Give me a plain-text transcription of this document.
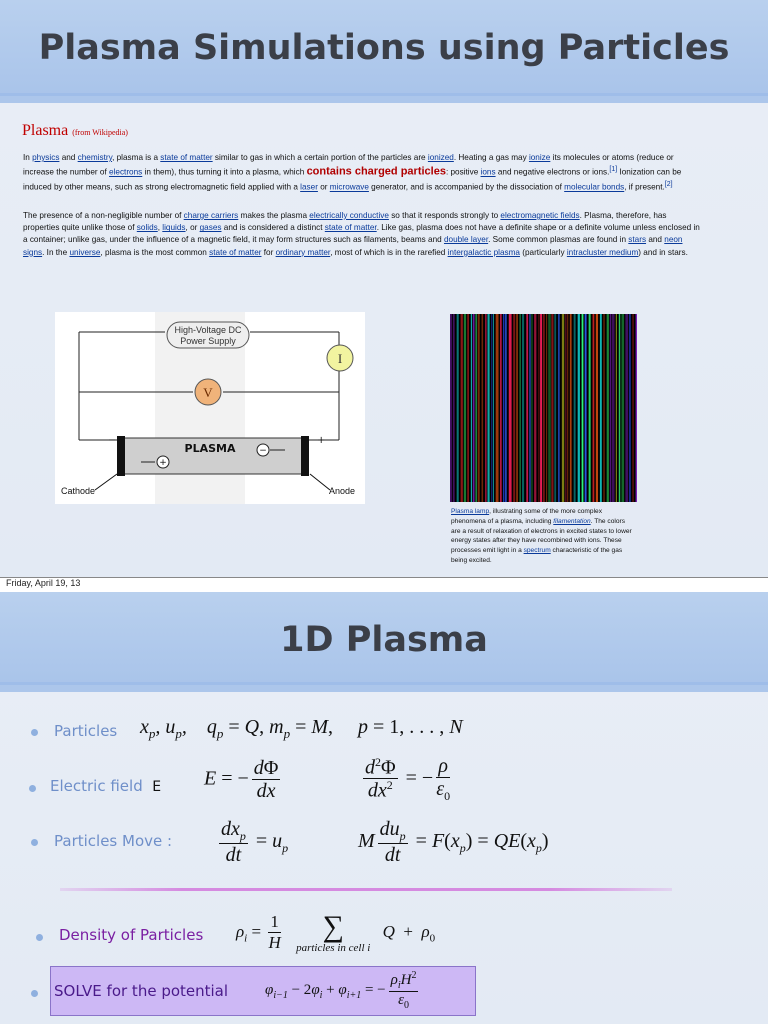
Plasma Simulations using Particles
Plasma (from Wikipedia)
In physics and chemistry, plasma is a state of matter similar to gas in which a certain portion of the particles are ionized. Heating a gas may ionize its molecules or atoms (reduce or increase the number of electrons in them), thus turning it into a plasma, which contains charged particles: positive ions and negative electrons or ions.[1] Ionization can be induced by other means, such as strong electromagnetic field applied with a laser or microwave generator, and is accompanied by the dissociation of molecular bonds, if present.[2]
The presence of a non-negligible number of charge carriers makes the plasma electrically conductive so that it responds strongly to electromagnetic fields. Plasma, therefore, has properties quite unlike those of solids, liquids, or gases and is considered a distinct state of matter. Like gas, plasma does not have a definite shape or a definite volume unless enclosed in a container; unlike gas, under the influence of a magnetic field, it may form structures such as filaments, beams and double layer. Some common plasmas are found in stars and neon signs. In the universe, plasma is the most common state of matter for ordinary matter, most of which is in the rarefied intergalactic plasma (particularly intracluster medium) and in stars.
High-Voltage DC
Power Supply
I
V
PLASMA
+
−
−	+
Cathode	Anode
Plasma lamp, illustrating some of the more complex phenomena of a plasma, including filamentation. The colors are a result of relaxation of electrons in excited states to lower energy states after they have recombined with ions. These processes emit light in a spectrum characteristic of the gas being excited.
Friday, April 19, 13
1D Plasma
Particles $x_p$, $u_p$, $q_p = Q$, $m_p = M$,     p = 1, . . . , N
Electric field E E = − $\frac{d\Phi}{dx}$	$\frac{d^2\Phi}{dx^2}$ = − $\frac{\rho}{\varepsilon_0}$
Particles Move : $\frac{dx_p}{dt} = u_p$	M $\frac{du_p}{dt} = F(x_p) = QE(x_p)$
Density of Particles $\rho_i = \frac{1}{H}$
∑
particles in cell i
$Q + \rho_0$
SOLVE for the potential $\varphi_{i-1} - 2\varphi_i + \varphi_{i+1}$ = − $\frac{\rho_iH^2}{\varepsilon_0}$
